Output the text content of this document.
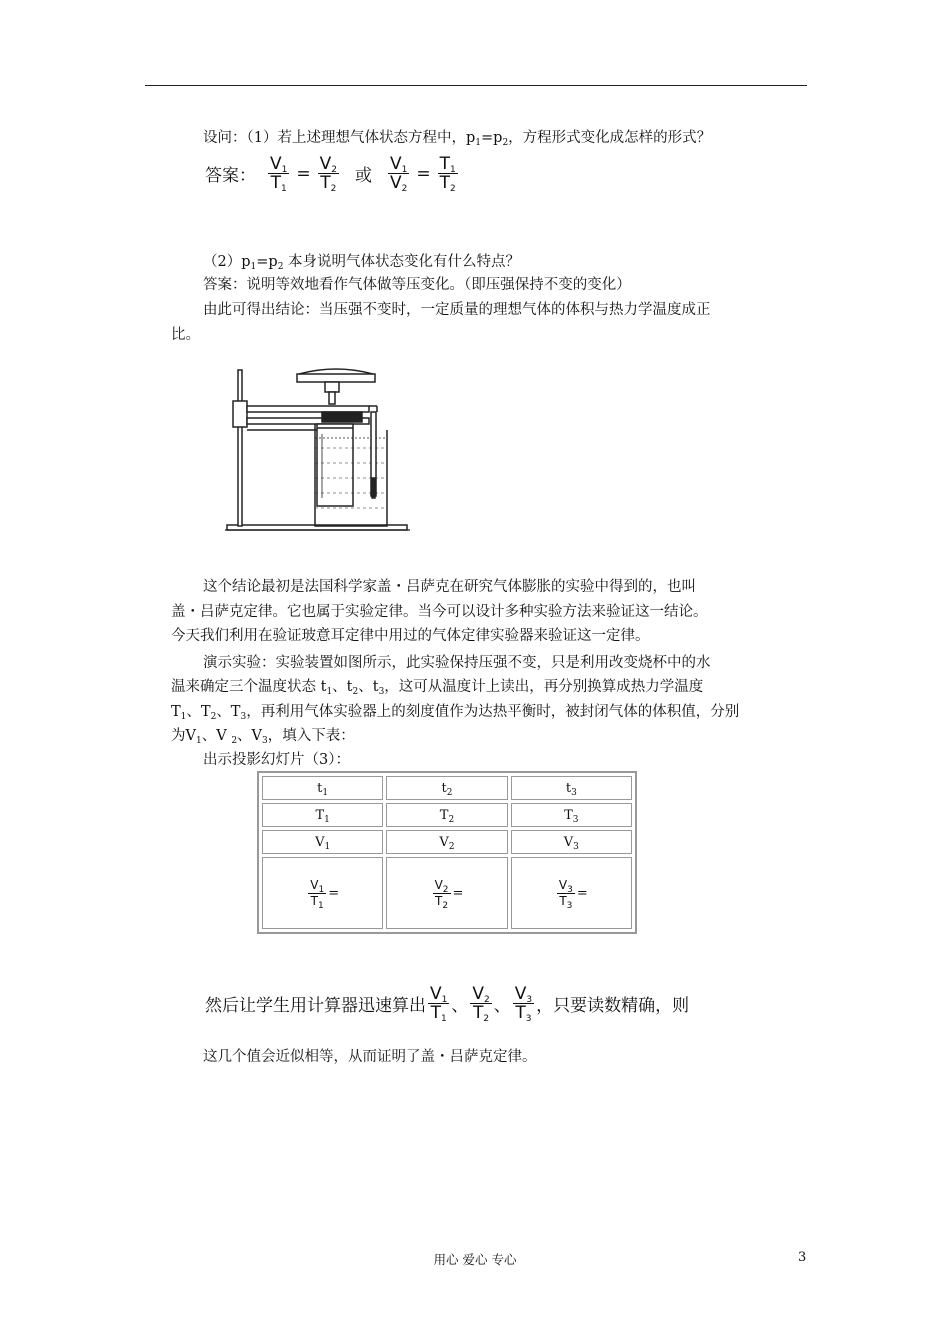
设问：（1）若上述理想气体状态方程中，$p_1=p_2$，方程形式变化成怎样的形式？
答案： $\frac{V_1}{T_1} = \frac{V_2}{T_2}$ 或 $\frac{V_1}{V_2} = \frac{T_1}{T_2}$
$(2)p_1=p_2$ 本身说明气体状态变化有什么特点？
答案：说明等效地看作气体做等压变化。（即压强保持不变的变化）
由此可得出结论：当压强不变时，一定质量的理想气体的体积与热力学温度成正
比。
这个结论最初是法国科学家盖・吕萨克在研究气体膨胀的实验中得到的，也叫
盖・吕萨克定律。它也属于实验定律。当今可以设计多种实验方法来验证这一结论。
今天我们利用在验证玻意耳定律中用过的气体定律实验器来验证这一定律。
演示实验：实验装置如图所示，此实验保持压强不变，只是利用改变烧杯中的水
温来确定三个温度状态 $t_1$、$t_2$、$t_3$，这可从温度计上读出，再分别换算成热力学温度
$T_1$、$T_2$、$T_3$，再利用气体实验器上的刻度值作为达热平衡时，被封闭气体的体积值，分别
为$V_1$、V $_2$、$V_3$，填入下表：
出示投影幻灯片（3）：
$t_1$	$t_2$	$t_3$
$T_1$	$T_2$	$T_3$
$V_1$	$V_2$	$V_3$

$\frac{V_1}{T_1}$ =	$\frac{V_2}{T_2}$ =	$\frac{V_3}{T_3}$ =
然后让学生用计算器迅速算出 $\frac{V_1}{T_1}$ 、 $\frac{V_2}{T_2}$ 、 $\frac{V_3}{T_3}$ ，只要读数精确，则
这几个值会近似相等，从而证明了盖・吕萨克定律。
用心 爱心 专心	3
